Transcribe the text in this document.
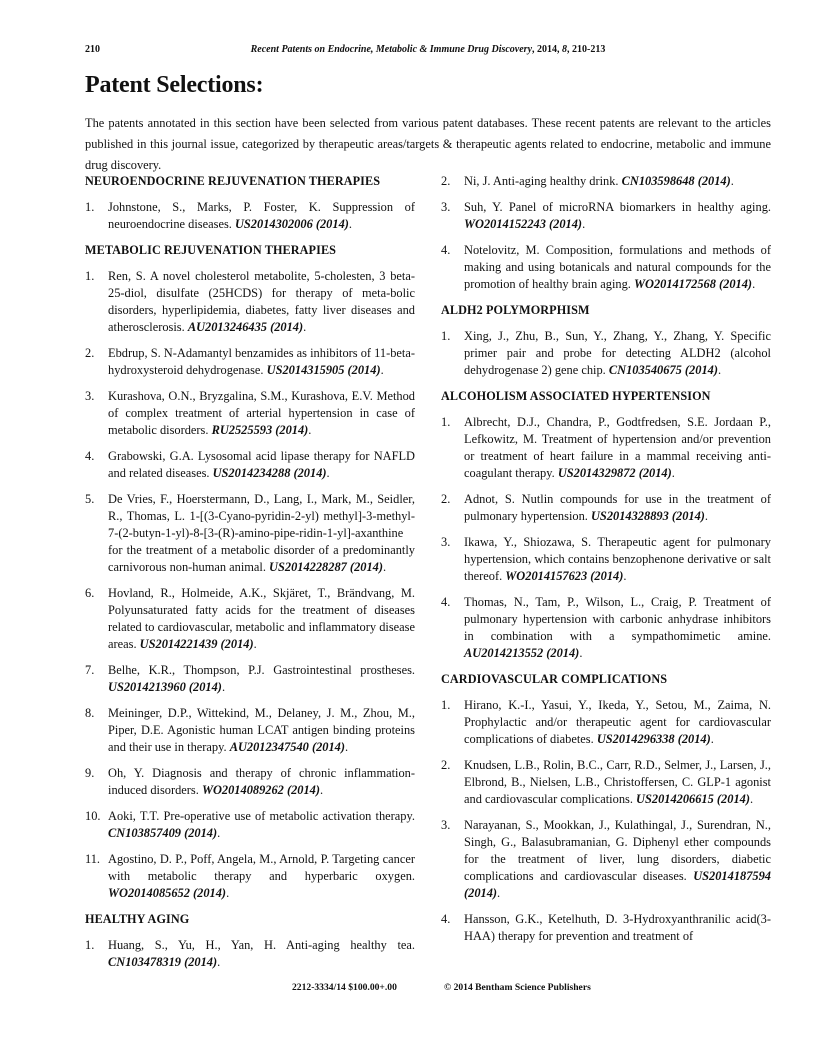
210	Recent Patents on Endocrine, Metabolic & Immune Drug Discovery, 2014, 8, 210-213
Patent Selections:

The patents annotated in this section have been selected from various patent databases. These recent patents are relevant to the articles published in this journal issue, categorized by therapeutic areas/targets & therapeutic agents related to endocrine, metabolic and immune drug discovery.

NEUROENDOCRINE REJUVENATION THERAPIES
1. Johnstone, S., Marks, P. Foster, K. Suppression of neuroendocrine diseases. US2014302006 (2014).
METABOLIC REJUVENATION THERAPIES
1. Ren, S. A novel cholesterol metabolite, 5-cholesten, 3 beta-25-diol, disulfate (25HCDS) for therapy of meta-bolic disorders, hyperlipidemia, diabetes, fatty liver diseases and atherosclerosis. AU2013246435 (2014).
2. Ebdrup, S. N-Adamantyl benzamides as inhibitors of 11-beta-hydroxysteroid dehydrogenase. US2014315905 (2014).
3. Kurashova, O.N., Bryzgalina, S.M., Kurashova, E.V. Method of complex treatment of arterial hypertension in case of metabolic disorders. RU2525593 (2014).
4. Grabowski, G.A. Lysosomal acid lipase therapy for NAFLD and related diseases. US2014234288 (2014).
5. De Vries, F., Hoerstermann, D., Lang, I., Mark, M., Seidler, R., Thomas, L. 1-[(3-Cyano-pyridin-2-yl) methyl]-3-methyl-7-(2-butyn-1-yl)-8-[3-(R)-amino-pipe-ridin-1-yl]-axanthine for the treatment of a metabolic disorder of a predominantly carnivorous non-human animal. US2014228287 (2014).
6. Hovland, R., Holmeide, A.K., Skjäret, T., Brändvang, M. Polyunsaturated fatty acids for the treatment of diseases related to cardiovascular, metabolic and inflammatory disease areas. US2014221439 (2014).
7. Belhe, K.R., Thompson, P.J. Gastrointestinal prostheses. US2014213960 (2014).
8. Meininger, D.P., Wittekind, M., Delaney, J. M., Zhou, M., Piper, D.E. Agonistic human LCAT antigen binding proteins and their use in therapy. AU2012347540 (2014).
9. Oh, Y. Diagnosis and therapy of chronic inflammation-induced disorders. WO2014089262 (2014).
10. Aoki, T.T. Pre-operative use of metabolic activation therapy. CN103857409 (2014).
11. Agostino, D. P., Poff, Angela, M., Arnold, P. Targeting cancer with metabolic therapy and hyperbaric oxygen. WO2014085652 (2014).
HEALTHY AGING
1. Huang, S., Yu, H., Yan, H. Anti-aging healthy tea. CN103478319 (2014).
2. Ni, J. Anti-aging healthy drink. CN103598648 (2014).
3. Suh, Y. Panel of microRNA biomarkers in healthy aging. WO2014152243 (2014).
4. Notelovitz, M. Composition, formulations and methods of making and using botanicals and natural compounds for the promotion of healthy brain aging. WO2014172568 (2014).
ALDH2 POLYMORPHISM
1. Xing, J., Zhu, B., Sun, Y., Zhang, Y., Zhang, Y. Specific primer pair and probe for detecting ALDH2 (alcohol dehydrogenase 2) gene chip. CN103540675 (2014).
ALCOHOLISM ASSOCIATED HYPERTENSION
1. Albrecht, D.J., Chandra, P., Godtfredsen, S.E. Jordaan P., Lefkowitz, M. Treatment of hypertension and/or prevention or treatment of heart failure in a mammal receiving anti-coagulant therapy. US2014329872 (2014).
2. Adnot, S. Nutlin compounds for use in the treatment of pulmonary hypertension. US2014328893 (2014).
3. Ikawa, Y., Shiozawa, S. Therapeutic agent for pulmonary hypertension, which contains benzophenone derivative or salt thereof. WO2014157623 (2014).
4. Thomas, N., Tam, P., Wilson, L., Craig, P. Treatment of pulmonary hypertension with carbonic anhydrase inhibitors in combination with a sympathomimetic amine. AU2014213552 (2014).
CARDIOVASCULAR COMPLICATIONS
1. Hirano, K.-I., Yasui, Y., Ikeda, Y., Setou, M., Zaima, N. Prophylactic and/or therapeutic agent for cardiovascular complications of diabetes. US2014296338 (2014).
2. Knudsen, L.B., Rolin, B.C., Carr, R.D., Selmer, J., Larsen, J., Elbrond, B., Nielsen, L.B., Christoffersen, C. GLP-1 agonist and cardiovascular complications. US2014206615 (2014).
3. Narayanan, S., Mookkan, J., Kulathingal, J., Surendran, N., Singh, G., Balasubramanian, G. Diphenyl ether compounds for the treatment of liver, lung disorders, diabetic complications and cardiovascular diseases. US2014187594 (2014).
4. Hansson, G.K., Ketelhuth, D. 3-Hydroxyanthranilic acid(3-HAA) therapy for prevention and treatment of
2212-3334/14 $100.00+.00	© 2014 Bentham Science Publishers
